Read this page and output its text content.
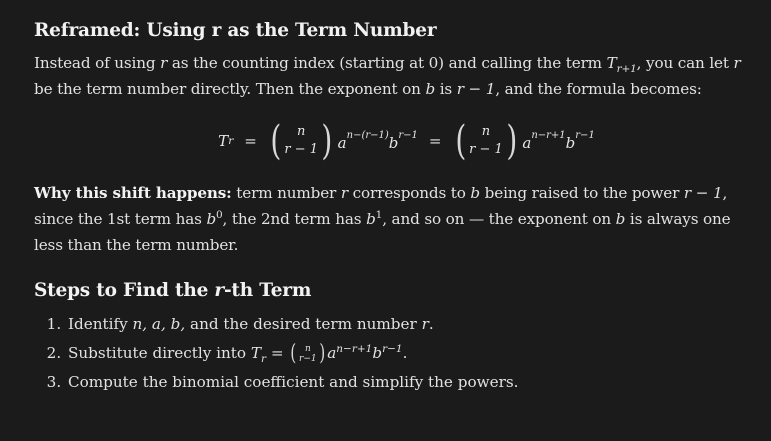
Reframed: Using r as the Term Number

Instead of using r as the counting index (starting at 0) and calling the term $T_{r+1}$, you can let r be the term number directly. Then the exponent on b is r − 1, and the formula becomes:

T r = ( n
r − 1 ) $a^{n-(r-1)}b^{r-1}$ = ( n
r − 1 ) $a^{n-r+1}b^{r-1}$

Why this shift happens: term number r corresponds to b being raised to the power r − 1, since the 1st term has $b^0$, the 2nd term has $b^1$, and so on — the exponent on b is always one less than the term number.

Steps to Find the r-th Term
1. Identify n, a, b, and the desired term number r.
2. Substitute directly into $T_r$ = ( n
r−1 ) $a^{n-r+1}b^{r-1}$.
3. Compute the binomial coefficient and simplify the powers.
